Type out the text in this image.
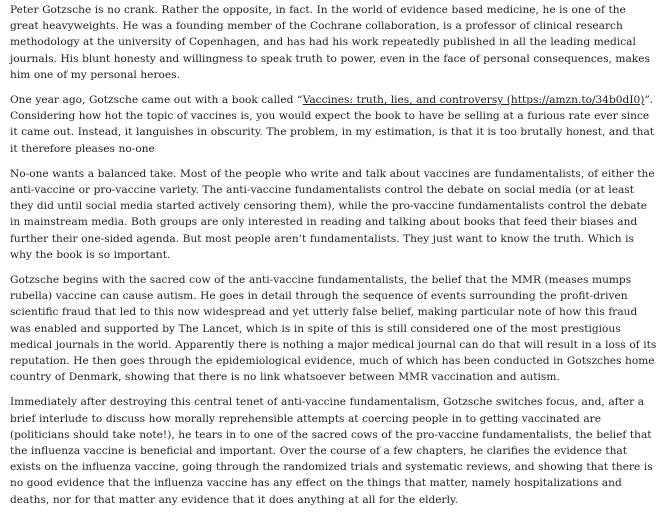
Peter Gotzsche is no crank. Rather the opposite, in fact. In the world of evidence based medicine, he is one of the great heavyweights. He was a founding member of the Cochrane collaboration, is a professor of clinical research methodology at the university of Copenhagen, and has had his work repeatedly published in all the leading medical journals. His blunt honesty and willingness to speak truth to power, even in the face of personal consequences, makes him one of my personal heroes.

One year ago, Gotzsche came out with a book called “Vaccines: truth, lies, and controversy (https://amzn.to/34b0dI0)”. Considering how hot the topic of vaccines is, you would expect the book to have be selling at a furious rate ever since it came out. Instead, it languishes in obscurity. The problem, in my estimation, is that it is too brutally honest, and that it therefore pleases no-one

No-one wants a balanced take. Most of the people who write and talk about vaccines are fundamentalists, of either the anti-vaccine or pro-vaccine variety. The anti-vaccine fundamentalists control the debate on social media (or at least they did until social media started actively censoring them), while the pro-vaccine fundamentalists control the debate in mainstream media. Both groups are only interested in reading and talking about books that feed their biases and further their one-sided agenda. But most people aren’t fundamentalists. They just want to know the truth. Which is why the book is so important.

Gotzsche begins with the sacred cow of the anti-vaccine fundamentalists, the belief that the MMR (meases mumps rubella) vaccine can cause autism. He goes in detail through the sequence of events surrounding the profit-driven scientific fraud that led to this now widespread and yet utterly false belief, making particular note of how this fraud was enabled and supported by The Lancet, which is in spite of this is still considered one of the most prestigious medical journals in the world. Apparently there is nothing a major medical journal can do that will result in a loss of its reputation. He then goes through the epidemiological evidence, much of which has been conducted in Gotszches home country of Denmark, showing that there is no link whatsoever between MMR vaccination and autism.

Immediately after destroying this central tenet of anti-vaccine fundamentalism, Gotzsche switches focus, and, after a brief interlude to discuss how morally reprehensible attempts at coercing people in to getting vaccinated are (politicians should take note!), he tears in to one of the sacred cows of the pro-vaccine fundamentalists, the belief that the influenza vaccine is beneficial and important. Over the course of a few chapters, he clarifies the evidence that exists on the influenza vaccine, going through the randomized trials and systematic reviews, and showing that there is no good evidence that the influenza vaccine has any effect on the things that matter, namely hospitalizations and deaths, nor for that matter any evidence that it does anything at all for the elderly.
